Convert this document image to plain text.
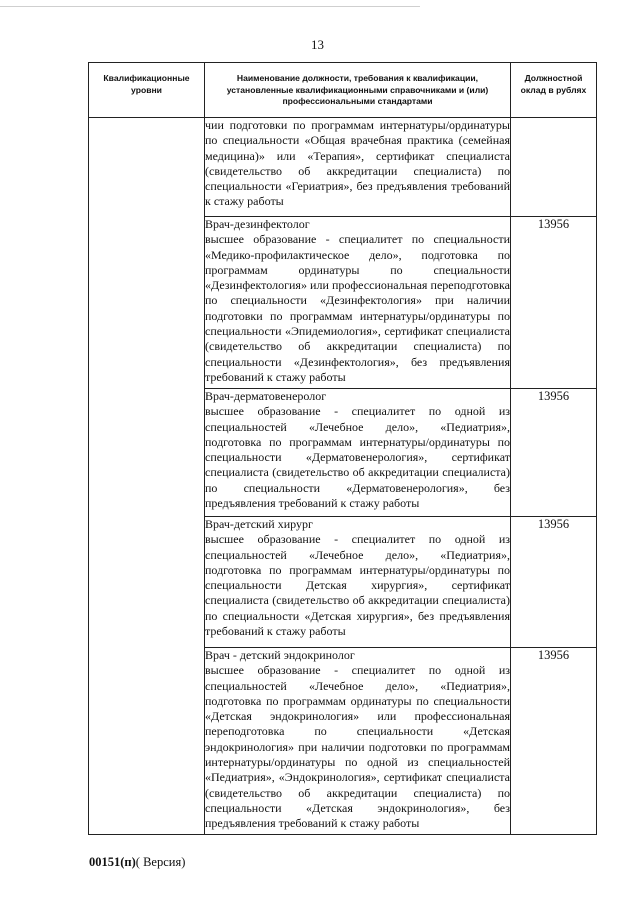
13
Квалификационные уровни	Наименование должности, требования к квалификации, установленные квалификационными справочниками и (или) профессиональными стандартами	Должностной оклад в рублях
	чии подготовки по программам интернатуры/ординатуры по специальности «Общая врачебная практика (семейная медицина)» или «Терапия», сертификат специалиста (свидетельство об аккредитации специалиста) по специальности «Гериатрия», без предъявления требований к стажу работы	

	Врач-дезинфектолог
высшее образование - специалитет по специальности «Медико-профилактическое дело», подготовка по программам ординатуры по специальности «Дезинфектология» или профессиональная переподготовка по специальности «Дезинфектология» при наличии подготовки по программам интернатуры/ординатуры по специальности «Эпидемиология», сертификат специалиста (свидетельство об аккредитации специалиста) по специальности «Дезинфектология», без предъявления требований к стажу работы	13956

	Врач-дерматовенеролог
высшее образование - специалитет по одной из специальностей «Лечебное дело», «Педиатрия», подготовка по программам интернатуры/ординатуры по специальности «Дерматовенерология», сертификат специалиста (свидетельство об аккредитации специалиста) по специальности «Дерматовенерология», без предъявления требований к стажу работы	13956

	Врач-детский хирург
высшее образование - специалитет по одной из специальностей «Лечебное дело», «Педиатрия», подготовка по программам интернатуры/ординатуры по специальности Детская хирургия», сертификат специалиста (свидетельство об аккредитации специалиста) по специальности «Детская хирургия», без предъявления требований к стажу работы	13956

	Врач - детский эндокринолог
высшее образование - специалитет по одной из специальностей «Лечебное дело», «Педиатрия», подготовка по программам ординатуры по специальности «Детская эндокринология» или профессиональная переподготовка по специальности «Детская эндокринология» при наличии подготовки по программам интернатуры/ординатуры по одной из специальностей «Педиатрия», «Эндокринология», сертификат специалиста (свидетельство об аккредитации специалиста) по специальности «Детская эндокринология», без предъявления требований к стажу работы	13956
00151(п)( Версия)
